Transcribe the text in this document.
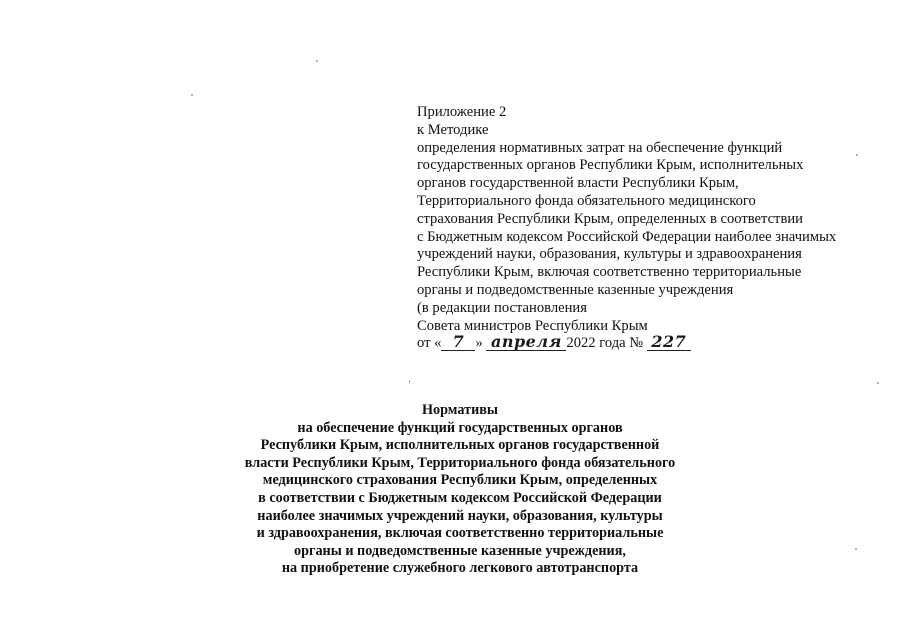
Приложение 2
к Методике
определения нормативных затрат на обеспечение функций
государственных органов Республики Крым, исполнительных
органов государственной власти Республики Крым,
Территориального фонда обязательного медицинского
страхования Республики Крым, определенных в соответствии
с Бюджетным кодексом Российской Федерации наиболее значимых
учреждений науки, образования, культуры и здравоохранения
Республики Крым, включая соответственно территориальные
органы и подведомственные казенные учреждения
(в редакции постановления
Совета министров Республики Крым
от « 7 » апреля 2022 года № 227
Нормативы
на обеспечение функций государственных органов
Республики Крым, исполнительных органов государственной
власти Республики Крым, Территориального фонда обязательного
медицинского страхования Республики Крым, определенных
в соответствии с Бюджетным кодексом Российской Федерации
наиболее значимых учреждений науки, образования, культуры
и здравоохранения, включая соответственно территориальные
органы и подведомственные казенные учреждения,
на приобретение служебного легкового автотранспорта
